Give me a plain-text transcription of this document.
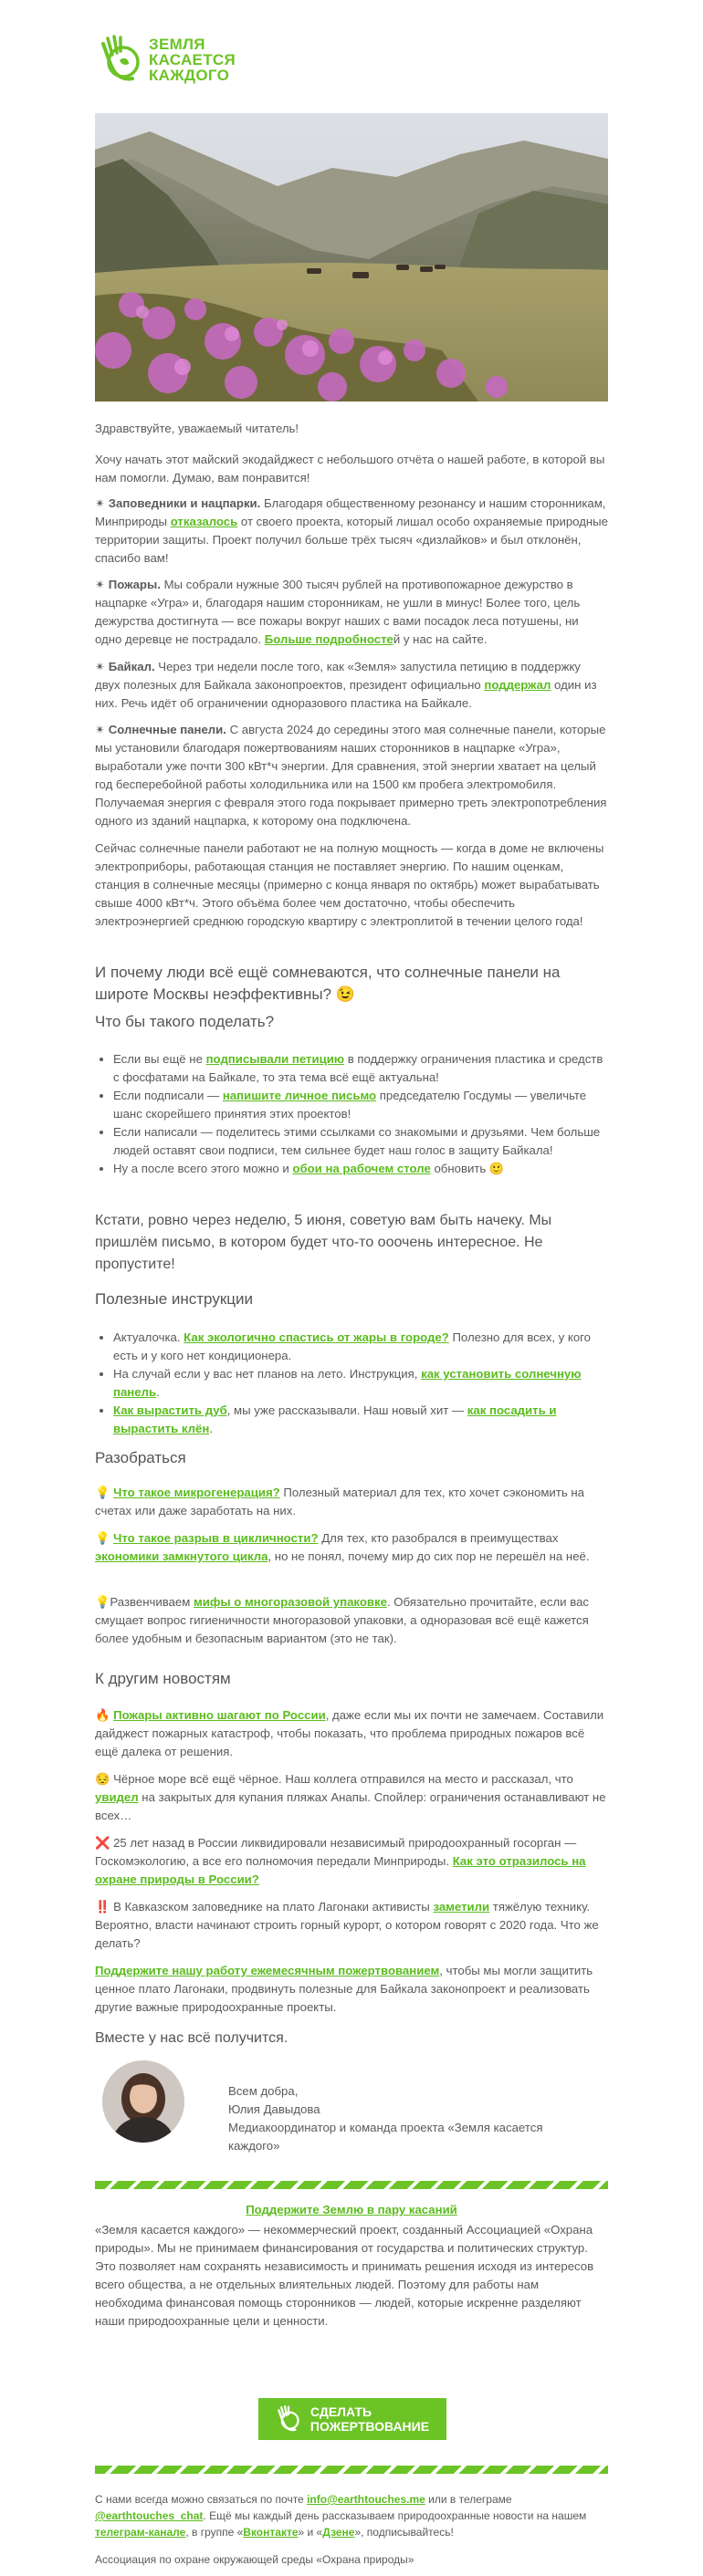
ЗЕМЛЯ
КАСАЕТСЯ
КАЖДОГО

Здравствуйте, уважаемый читатель!

Хочу начать этот майский экодайджест с небольшого отчёта о нашей работе, в которой вы нам помогли. Думаю, вам понравится!

✴ Заповедники и нацпарки. Благодаря общественному резонансу и нашим сторонникам, Минприроды отказалось от своего проекта, который лишал особо охраняемые природные территории защиты. Проект получил больше трёх тысяч «дизлайков» и был отклонён, спасибо вам!

✴ Пожары. Мы собрали нужные 300 тысяч рублей на противопожарное дежурство в нацпарке «Угра» и, благодаря нашим сторонникам, не ушли в минус! Более того, цель дежурства достигнута — все пожары вокруг наших с вами посадок леса потушены, ни одно деревце не пострадало. Больше подробностей у нас на сайте.

✴ Байкал. Через три недели после того, как «Земля» запустила петицию в поддержку двух полезных для Байкала законопроектов, президент официально поддержал один из них. Речь идёт об ограничении одноразового пластика на Байкале.

✴ Солнечные панели. С августа 2024 до середины этого мая солнечные панели, которые мы установили благодаря пожертвованиям наших сторонников в нацпарке «Угра», выработали уже почти 300 кВт*ч энергии. Для сравнения, этой энергии хватает на целый год бесперебойной работы холодильника или на 1500 км пробега электромобиля. Получаемая энергия с февраля этого года покрывает примерно треть электропотребления одного из зданий нацпарка, к которому она подключена.

Сейчас солнечные панели работают не на полную мощность — когда в доме не включены электроприборы, работающая станция не поставляет энергию. По нашим оценкам, станция в солнечные месяцы (примерно с конца января по октябрь) может вырабатывать свыше 4000 кВт*ч. Этого объёма более чем достаточно, чтобы обеспечить электроэнергией среднюю городскую квартиру с электроплитой в течении целого года!

И почему люди всё ещё сомневаются, что солнечные панели на широте Москвы неэффективны? 😉
Что бы такого поделать?
• Если вы ещё не подписывали петицию в поддержку ограничения пластика и средств с фосфатами на Байкале, то эта тема всё ещё актуальна!
• Если подписали — напишите личное письмо председателю Госдумы — увеличьте шанс скорейшего принятия этих проектов!
• Если написали — поделитесь этими ссылками со знакомыми и друзьями. Чем больше людей оставят свои подписи, тем сильнее будет наш голос в защиту Байкала!
• Ну а после всего этого можно и обои на рабочем столе обновить 🙂
Кстати, ровно через неделю, 5 июня, советую вам быть начеку. Мы пришлём письмо, в котором будет что-то ооочень интересное. Не пропустите!
Полезные инструкции
• Актуалочка. Как экологично спастись от жары в городе? Полезно для всех, у кого есть и у кого нет кондиционера.
• На случай если у вас нет планов на лето. Инструкция, как установить солнечную панель.
• Как вырастить дуб, мы уже рассказывали. Наш новый хит — как посадить и вырастить клён.
Разобраться

💡 Что такое микрогенерация? Полезный материал для тех, кто хочет сэкономить на счетах или даже заработать на них.

💡 Что такое разрыв в цикличности? Для тех, кто разобрался в преимуществах экономики замкнутого цикла, но не понял, почему мир до сих пор не перешёл на неё.

💡Развенчиваем мифы о многоразовой упаковке. Обязательно прочитайте, если вас смущает вопрос гигиеничности многоразовой упаковки, а одноразовая всё ещё кажется более удобным и безопасным вариантом (это не так).

К другим новостям

🔥 Пожары активно шагают по России, даже если мы их почти не замечаем. Составили дайджест пожарных катастроф, чтобы показать, что проблема природных пожаров всё ещё далека от решения.

😔 Чёрное море всё ещё чёрное. Наш коллега отправился на место и рассказал, что увидел на закрытых для купания пляжах Анапы. Спойлер: ограничения останавливают не всех…

❌ 25 лет назад в России ликвидировали независимый природоохранный госорган — Госкомэкологию, а все его полномочия передали Минприроды. Как это отразилось на охране природы в России?

‼️ В Кавказском заповеднике на плато Лагонаки активисты заметили тяжёлую технику. Вероятно, власти начинают строить горный курорт, о котором говорят с 2020 года. Что же делать?

Поддержите нашу работу ежемесячным пожертвованием, чтобы мы могли защитить ценное плато Лагонаки, продвинуть полезные для Байкала законопроект и реализовать другие важные природоохранные проекты.

Вместе у нас всё получится.

Всем добра,

Юлия Давыдова

Медиакоординатор и команда проекта «Земля касается каждого»

Поддержите Землю в пару касаний

«Земля касается каждого» — некоммерческий проект, созданный Ассоциацией «Охрана природы». Мы не принимаем финансирования от государства и политических структур. Это позволяет нам сохранять независимость и принимать решения исходя из интересов всего общества, а не отдельных влиятельных людей. Поэтому для работы нам необходима финансовая помощь сторонников — людей, которые искренне разделяют наши природоохранные цели и ценности.

СДЕЛАТЬ
ПОЖЕРТВОВАНИЕ

С нами всегда можно связаться по почте info@earthtouches.me или в телеграме @earthtouches_chat. Ещё мы каждый день рассказываем природоохранные новости на нашем телеграм-канале, в группе «Вконтакте» и «Дзене», подписывайтесь!

Ассоциация по охране окружающей среды «Охрана природы»
